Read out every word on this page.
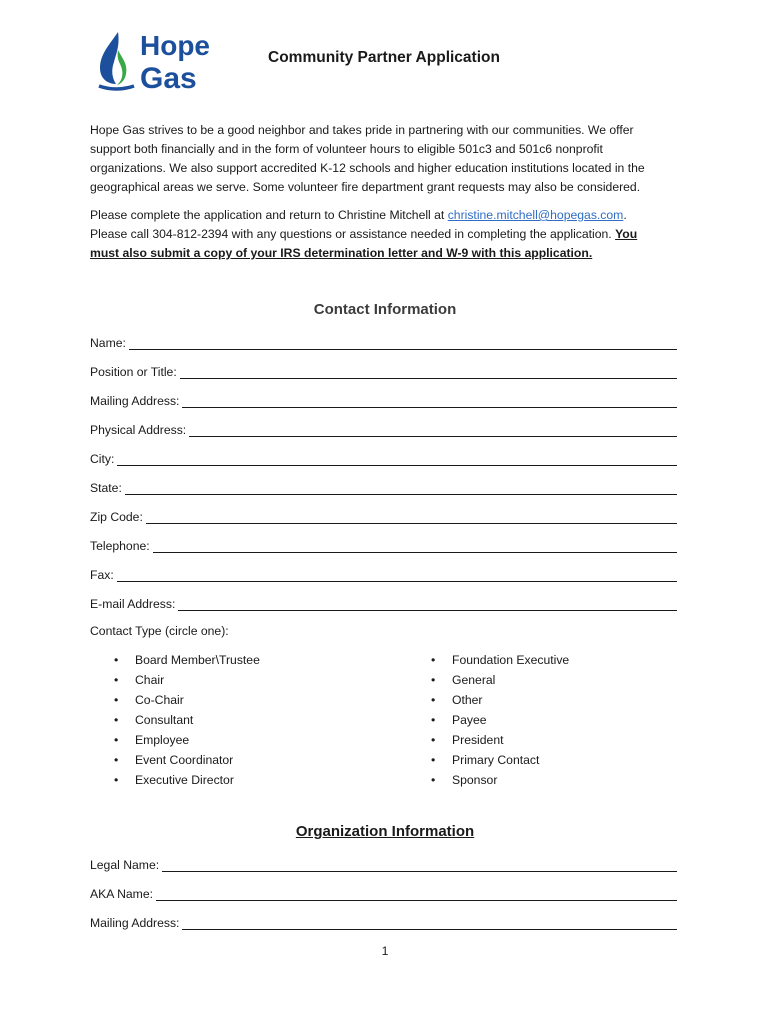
Hope
Gas
Community Partner Application

Hope Gas strives to be a good neighbor and takes pride in partnering with our communities. We offer

support both financially and in the form of volunteer hours to eligible 501c3 and 501c6 nonprofit

organizations. We also support accredited K-12 schools and higher education institutions located in the

geographical areas we serve. Some volunteer fire department grant requests may also be considered.

Please complete the application and return to Christine Mitchell at christine.mitchell@hopegas.com.

Please call 304-812-2394 with any questions or assistance needed in completing the application. You

must also submit a copy of your IRS determination letter and W-9 with this application.

Contact Information
Name:
Position or Title:
Mailing Address:
Physical Address:
City:
State:
Zip Code:
Telephone:
Fax:
E-mail Address:
Contact Type (circle one):
• Board Member\Trustee
• Chair
• Co-Chair
• Consultant
• Employee
• Event Coordinator
• Executive Director
• Foundation Executive
• General
• Other
• Payee
• President
• Primary Contact
• Sponsor
Organization Information
Legal Name:
AKA Name:
Mailing Address:
1
